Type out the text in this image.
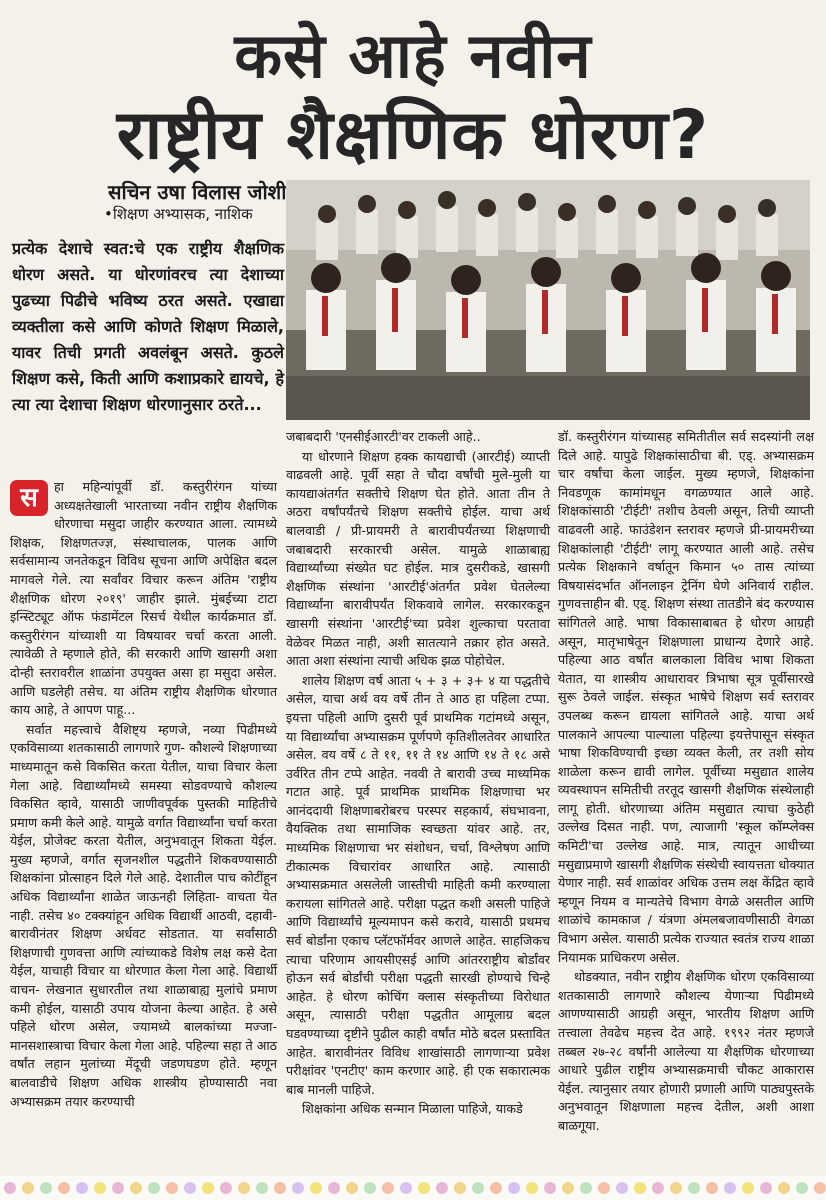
कसे आहे नवीन
राष्ट्रीय शैक्षणिक धोरण?
सचिन उषा विलास जोशी
•शिक्षण अभ्यासक, नाशिक
प्रत्येक देशाचे स्वत:चे एक राष्ट्रीय शैक्षणिक धोरण असते. या धोरणांवरच त्या देशाच्या पुढच्या पिढीचे भविष्य ठरत असते. एखाद्या व्यक्तीला कसे आणि कोणते शिक्षण मिळाले, यावर तिची प्रगती अवलंबून असते. कुठले शिक्षण कसे, किती आणि कशाप्रकारे द्यायचे, हे त्या त्या देशाचा शिक्षण धोरणानुसार ठरते...

स	हा महिन्यांपूर्वी डॉ. कस्तुरीरंगन यांच्या अध्यक्षतेखाली भारताच्या नवीन राष्ट्रीय शैक्षणिक धोरणाचा मसुदा जाहीर करण्यात आला. त्यामध्ये शिक्षक, शिक्षणतज्ज्ञ, संस्थाचालक, पालक आणि सर्वसामान्य जनतेकडून विविध सूचना आणि अपेक्षित बदल मागवले गेले. त्या सर्वांवर विचार करून अंतिम 'राष्ट्रीय शैक्षणिक धोरण २०१९' जाहीर झाले. मुंबईच्या टाटा इन्स्टिट्यूट ऑफ फंडामेंटल रिसर्च येथील कार्यक्रमात डॉ. कस्तुरीरंगन यांच्याशी या विषयावर चर्चा करता आली. त्यावेळी ते म्हणाले होते, की सरकारी आणि खासगी अशा दोन्ही स्तरावरील शाळांना उपयुक्त असा हा मसुदा असेल. आणि घडलेही तसेच. या अंतिम राष्ट्रीय शैक्षणिक धोरणात काय आहे, ते आपण पाहू...

सर्वात महत्त्वाचे वैशिष्ट्य म्हणजे, नव्या पिढीमध्ये एकविसाव्या शतकासाठी लागणारे गुण- कौशल्ये शिक्षणाच्या माध्यमातून कसे विकसित करता येतील, याचा विचार केला गेला आहे. विद्यार्थ्यांमध्ये समस्या सोडवण्याचे कौशल्य विकसित व्हावे, यासाठी जाणीवपूर्वक पुस्तकी माहितीचे प्रमाण कमी केले आहे. यामुळे वर्गात विद्यार्थ्यांना चर्चा करता येईल, प्रोजेक्ट करता येतील, अनुभवातून शिकता येईल. मुख्य म्हणजे, वर्गात सृजनशील पद्धतीने शिकवण्यासाठी शिक्षकांना प्रोत्साहन दिले गेले आहे. देशातील पाच कोटींहून अधिक विद्यार्थ्यांना शाळेत जाऊनही लिहिता- वाचता येत नाही. तसेच ४० टक्क्यांहून अधिक विद्यार्थी आठवी, दहावी- बारावीनंतर शिक्षण अर्धवट सोडतात. या सर्वांसाठी शिक्षणाची गुणवत्ता आणि त्यांच्याकडे विशेष लक्ष कसे देता येईल, याचाही विचार या धोरणात केला गेला आहे. विद्यार्थी वाचन- लेखनात सुधारतील तथा शाळाबाह्य मुलांचे प्रमाण कमी होईल, यासाठी उपाय योजना केल्या आहेत. हे असे पहिले धोरण असेल, ज्यामध्ये बालकांच्या मज्जा-मानसशास्त्राचा विचार केला गेला आहे. पहिल्या सहा ते आठ वर्षांत लहान मुलांच्या मेंदूची जडणघडण होते. म्हणून बालवाडीचे शिक्षण अधिक शास्त्रीय होण्यासाठी नवा अभ्यासक्रम तयार करण्याची

जबाबदारी 'एनसीईआरटी'वर टाकली आहे..

या धोरणाने शिक्षण हक्क कायद्याची (आरटीई) व्याप्ती वाढवली आहे. पूर्वी सहा ते चौदा वर्षांची मुले-मुली या कायद्याअंतर्गत सक्तीचे शिक्षण घेत होते. आता तीन ते अठरा वर्षांपर्यंतचे शिक्षण सक्तीचे होईल. याचा अर्थ बालवाडी / प्री-प्रायमरी ते बारावीपर्यंतच्या शिक्षणाची जबाबदारी सरकारची असेल. यामुळे शाळाबाह्य विद्यार्थ्यांच्या संख्येत घट होईल. मात्र दुसरीकडे, खासगी शैक्षणिक संस्थांना 'आरटीई'अंतर्गत प्रवेश घेतलेल्या विद्यार्थ्यांना बारावीपर्यंत शिकवावे लागेल. सरकारकडून खासगी संस्थांना 'आरटीई'च्या प्रवेश शुल्काचा परतावा वेळेवर मिळत नाही, अशी सातत्याने तक्रार होत असते. आता अशा संस्थांना त्याची अधिक झळ पोहोचेल.

शालेय शिक्षण वर्ष आता ५ + ३ + ३+ ४ या पद्धतीचे असेल, याचा अर्थ वय वर्षे तीन ते आठ हा पहिला टप्पा. इयत्ता पहिली आणि दुसरी पूर्व प्राथमिक गटांमध्ये असून, या विद्यार्थ्यांचा अभ्यासक्रम पूर्णपणे कृतिशीलतेवर आधारित असेल. वय वर्षे ८ ते ११, ११ ते १४ आणि १४ ते १८ असे उर्वरित तीन टप्पे आहेत. नववी ते बारावी उच्च माध्यमिक गटात आहे. पूर्व प्राथमिक प्राथमिक शिक्षणाचा भर आनंददायी शिक्षणाबरोबरच परस्पर सहकार्य, संघभावना, वैयक्तिक तथा सामाजिक स्वच्छता यांवर आहे. तर, माध्यमिक शिक्षणाचा भर संशोधन, चर्चा, विश्लेषण आणि टीकात्मक विचारांवर आधारित आहे. त्यासाठी अभ्यासक्रमात असलेली जास्तीची माहिती कमी करण्याला करायला सांगितले आहे. परीक्षा पद्धत कशी असली पाहिजे आणि विद्यार्थ्यांचे मूल्यमापन कसे करावे, यासाठी प्रथमच सर्व बोर्डांना एकाच प्लॅटफॉर्मवर आणले आहेत. साहजिकच त्याचा परिणाम आयसीएसई आणि आंतरराष्ट्रीय बोर्डांवर होऊन सर्व बोर्डांची परीक्षा पद्धती सारखी होण्याचे चिन्हे आहेत. हे धोरण कोचिंग क्लास संस्कृतीच्या विरोधात असून, त्यासाठी परीक्षा पद्धतीत आमूलाग्र बदल घडवण्याच्या दृष्टीने पुढील काही वर्षांत मोठे बदल प्रस्तावित आहेत. बारावीनंतर विविध शाखांसाठी लागणाऱ्या प्रवेश परीक्षांवर 'एनटीए' काम करणार आहे. ही एक सकारात्मक बाब मानली पाहिजे.

शिक्षकांना अधिक सन्मान मिळाला पाहिजे, याकडे

डॉ. कस्तुरीरंगन यांच्यासह समितीतील सर्व सदस्यांनी लक्ष दिले आहे. यापुढे शिक्षकांसाठीचा बी. एड्. अभ्यासक्रम चार वर्षांचा केला जाईल. मुख्य म्हणजे, शिक्षकांना निवडणूक कामांमधून वगळण्यात आले आहे. शिक्षकांसाठी 'टीईटी' तशीच ठेवली असून, तिची व्याप्ती वाढवली आहे. फाउंडेशन स्तरावर म्हणजे प्री-प्रायमरीच्या शिक्षकांलाही 'टीईटी' लागू करण्यात आली आहे. तसेच प्रत्येक शिक्षकाने वर्षातून किमान ५० तास त्यांच्या विषयासंदर्भात ऑनलाइन ट्रेनिंग घेणे अनिवार्य राहील. गुणवत्ताहीन बी. एड्. शिक्षण संस्था तातडीने बंद करण्यास सांगितले आहे. भाषा विकासाबाबत हे धोरण आग्रही असून, मातृभाषेतून शिक्षणाला प्राधान्य देणारे आहे. पहिल्या आठ वर्षांत बालकाला विविध भाषा शिकता येतात, या शास्त्रीय आधारावर त्रिभाषा सूत्र पूर्वीसारखे सुरू ठेवले जाईल. संस्कृत भाषेचे शिक्षण सर्व स्तरावर उपलब्ध करून द्यायला सांगितले आहे. याचा अर्थ पालकाने आपल्या पाल्याला पहिल्या इयत्तेपासून संस्कृत भाषा शिकविण्याची इच्छा व्यक्त केली, तर तशी सोय शाळेला करून द्यावी लागेल. पूर्वीच्या मसुद्यात शालेय व्यवस्थापन समितीची तरतूद खासगी शैक्षणिक संस्थेलाही लागू होती. धोरणाच्या अंतिम मसुद्यात त्याचा कुठेही उल्लेख दिसत नाही. पण, त्याजागी 'स्कूल कॉम्प्लेक्स कमिटी'चा उल्लेख आहे. मात्र, त्यातून आधीच्या मसुद्याप्रमाणे खासगी शैक्षणिक संस्थेची स्वायत्तता धोक्यात येणार नाही. सर्व शाळांवर अधिक उत्तम लक्ष केंद्रित व्हावे म्हणून नियम व मान्यतेचे विभाग वेगळे असतील आणि शाळांचे कामकाज / यंत्रणा अंमलबजावणीसाठी वेगळा विभाग असेल. यासाठी प्रत्येक राज्यात स्वतंत्र राज्य शाळा नियामक प्राधिकरण असेल.

थोडक्यात, नवीन राष्ट्रीय शैक्षणिक धोरण एकविसाव्या शतकासाठी लागणारे कौशल्य येणाऱ्या पिढीमध्ये आणण्यासाठी आग्रही असून, भारतीय शिक्षण आणि तत्त्वाला तेवढेच महत्त्व देत आहे. १९९२ नंतर म्हणजे तब्बल २७-२८ वर्षांनी आलेल्या या शैक्षणिक धोरणाच्या आधारे पुढील राष्ट्रीय अभ्यासक्रमाची चौकट आकारास येईल. त्यानुसार तयार होणारी प्रणाली आणि पाठ्यपुस्तके अनुभवातून शिक्षणाला महत्त्व देतील, अशी आशा बाळगूया.
